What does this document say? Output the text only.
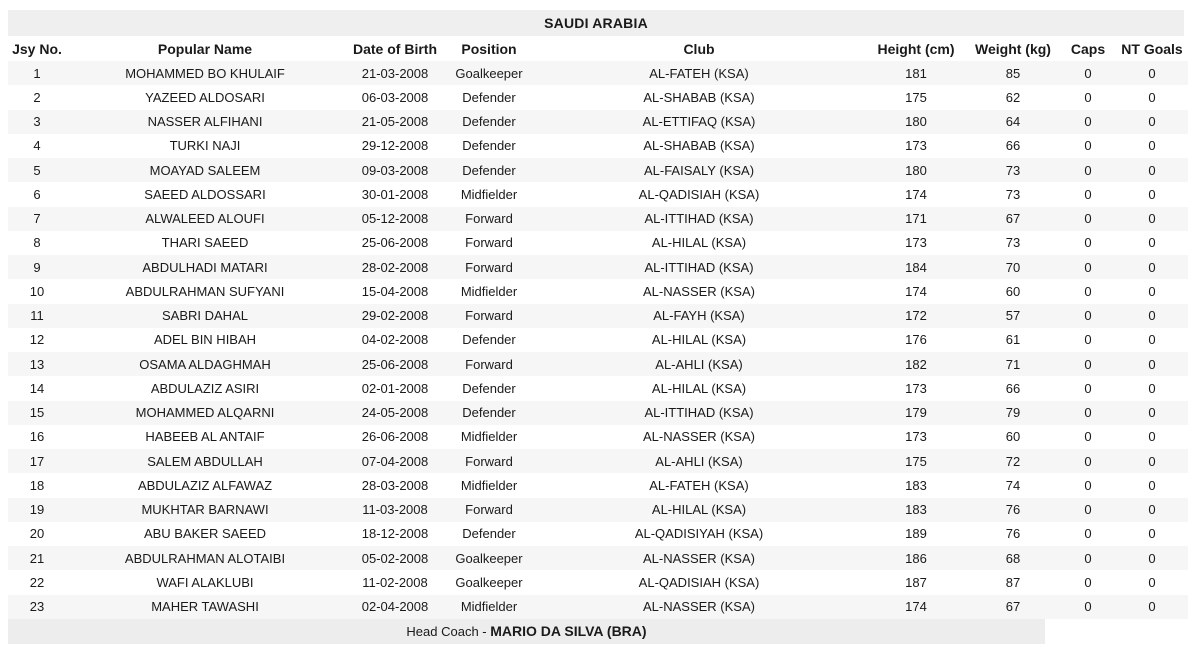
SAUDI ARABIA
Jsy No.	Popular Name	Date of Birth	Position	Club	Height (cm)	Weight (kg)	Caps	NT Goals
1	MOHAMMED BO KHULAIF	21-03-2008	Goalkeeper	AL-FATEH (KSA)	181	85	0	0
2	YAZEED ALDOSARI	06-03-2008	Defender	AL-SHABAB (KSA)	175	62	0	0
3	NASSER ALFIHANI	21-05-2008	Defender	AL-ETTIFAQ (KSA)	180	64	0	0
4	TURKI NAJI	29-12-2008	Defender	AL-SHABAB (KSA)	173	66	0	0
5	MOAYAD SALEEM	09-03-2008	Defender	AL-FAISALY (KSA)	180	73	0	0
6	SAEED ALDOSSARI	30-01-2008	Midfielder	AL-QADISIAH (KSA)	174	73	0	0
7	ALWALEED ALOUFI	05-12-2008	Forward	AL-ITTIHAD (KSA)	171	67	0	0
8	THARI SAEED	25-06-2008	Forward	AL-HILAL (KSA)	173	73	0	0
9	ABDULHADI MATARI	28-02-2008	Forward	AL-ITTIHAD (KSA)	184	70	0	0
10	ABDULRAHMAN SUFYANI	15-04-2008	Midfielder	AL-NASSER (KSA)	174	60	0	0
11	SABRI DAHAL	29-02-2008	Forward	AL-FAYH (KSA)	172	57	0	0
12	ADEL BIN HIBAH	04-02-2008	Defender	AL-HILAL (KSA)	176	61	0	0
13	OSAMA ALDAGHMAH	25-06-2008	Forward	AL-AHLI (KSA)	182	71	0	0
14	ABDULAZIZ ASIRI	02-01-2008	Defender	AL-HILAL (KSA)	173	66	0	0
15	MOHAMMED ALQARNI	24-05-2008	Defender	AL-ITTIHAD (KSA)	179	79	0	0
16	HABEEB AL ANTAIF	26-06-2008	Midfielder	AL-NASSER (KSA)	173	60	0	0
17	SALEM ABDULLAH	07-04-2008	Forward	AL-AHLI (KSA)	175	72	0	0
18	ABDULAZIZ ALFAWAZ	28-03-2008	Midfielder	AL-FATEH (KSA)	183	74	0	0
19	MUKHTAR BARNAWI	11-03-2008	Forward	AL-HILAL (KSA)	183	76	0	0
20	ABU BAKER SAEED	18-12-2008	Defender	AL-QADISIYAH (KSA)	189	76	0	0
21	ABDULRAHMAN ALOTAIBI	05-02-2008	Goalkeeper	AL-NASSER (KSA)	186	68	0	0
22	WAFI ALAKLUBI	11-02-2008	Goalkeeper	AL-QADISIAH (KSA)	187	87	0	0
23	MAHER TAWASHI	02-04-2008	Midfielder	AL-NASSER (KSA)	174	67	0	0
Head Coach - MARIO DA SILVA (BRA)
